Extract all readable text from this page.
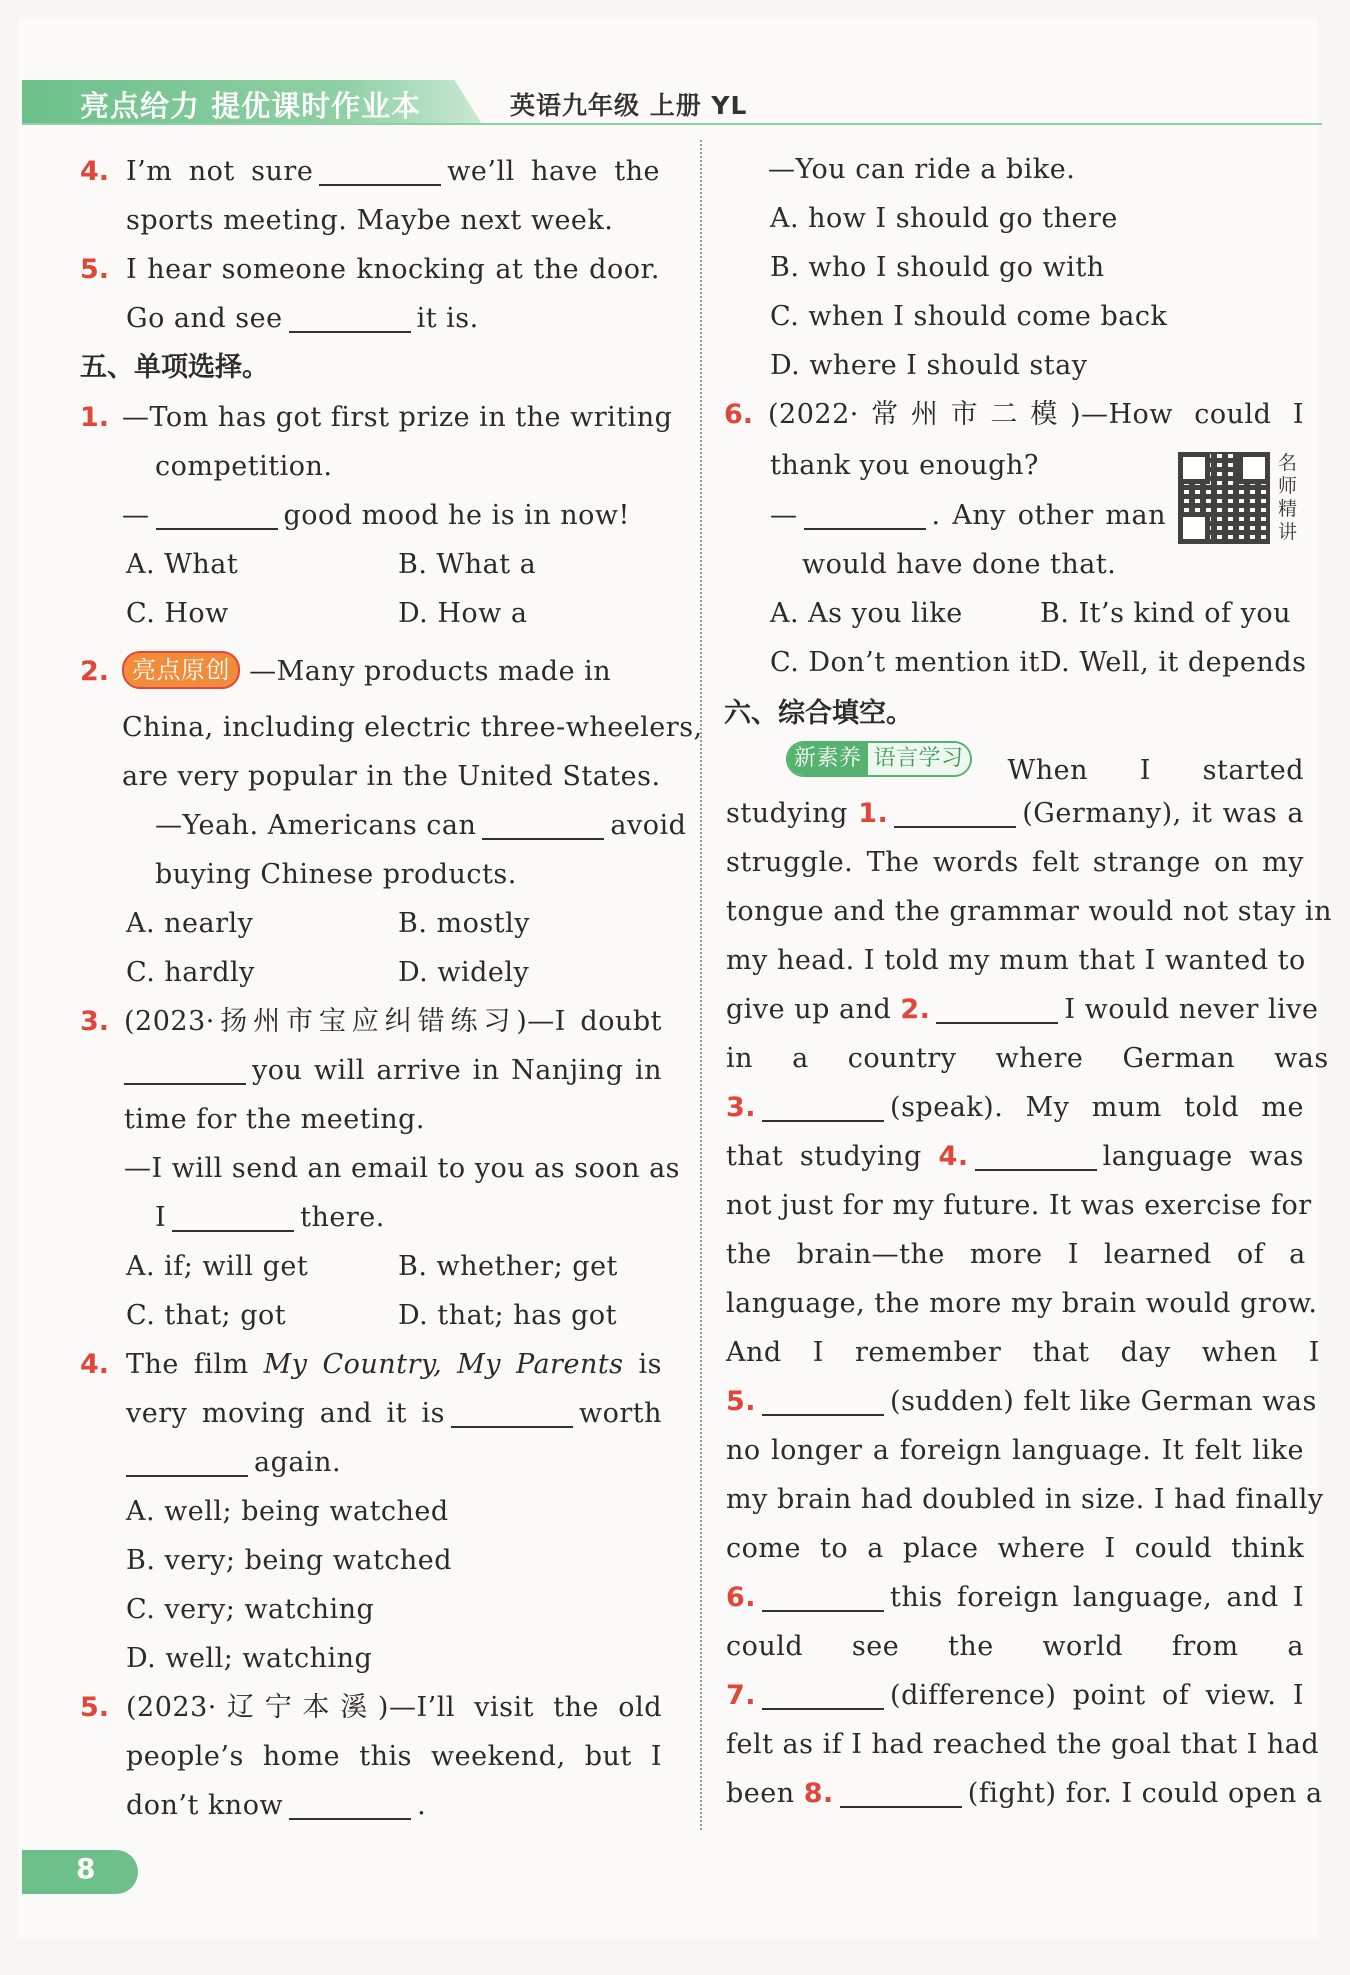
亮点给力 提优课时作业本	英语九年级 上册 YL
4. I’m not sure	we’ll have the
sports meeting. Maybe next week.
5. I hear someone knocking at the door.
Go and see	it is.
五、单项选择。
1. —Tom has got first prize in the writing
competition.
—	good mood he is in now!
A. What	B. What a
C. How	D. How a
2. 亮点原创 —Many products made in
China, including electric three-wheelers,
are very popular in the United States.
—Yeah. Americans can	avoid
buying Chinese products.
A. nearly	B. mostly
C. hardly	D. widely
3. (2023·扬州市宝应纠错练习)—I doubt
you will arrive in Nanjing in
time for the meeting.
—I will send an email to you as soon as
I	there.
A. if; will get	B. whether; get
C. that; got	D. that; has got
4. The film My Country, My Parents is
very moving and it is	worth
again.
A. well; being watched
B. very; being watched
C. very; watching
D. well; watching
5. (2023·辽宁本溪)—I’ll visit the old
people’s home this weekend, but I
don’t know	.
—You can ride a bike.
A. how I should go there
B. who I should go with
C. when I should come back
D. where I should stay
6. (2022·常州市二模)—How could I
thank you enough?
—	. Any other man
would have done that.
名师精讲
A. As you like	B. It’s kind of you
C. Don’t mention it D. Well, it depends
六、综合填空。
新素养 语言学习 When I started
studying 1.	(Germany), it was a
struggle. The words felt strange on my
tongue and the grammar would not stay in
my head. I told my mum that I wanted to
give up and 2.	I would never live
in a country where German was
3.	(speak). My mum told me
that studying 4.	language was
not just for my future. It was exercise for
the brain—the more I learned of a
language, the more my brain would grow.
And I remember that day when I
5.	(sudden) felt like German was
no longer a foreign language. It felt like
my brain had doubled in size. I had finally
come to a place where I could think
6.	this foreign language, and I
could see the world from a
7.	(difference) point of view. I
felt as if I had reached the goal that I had
been 8.	(fight) for. I could open a
8
